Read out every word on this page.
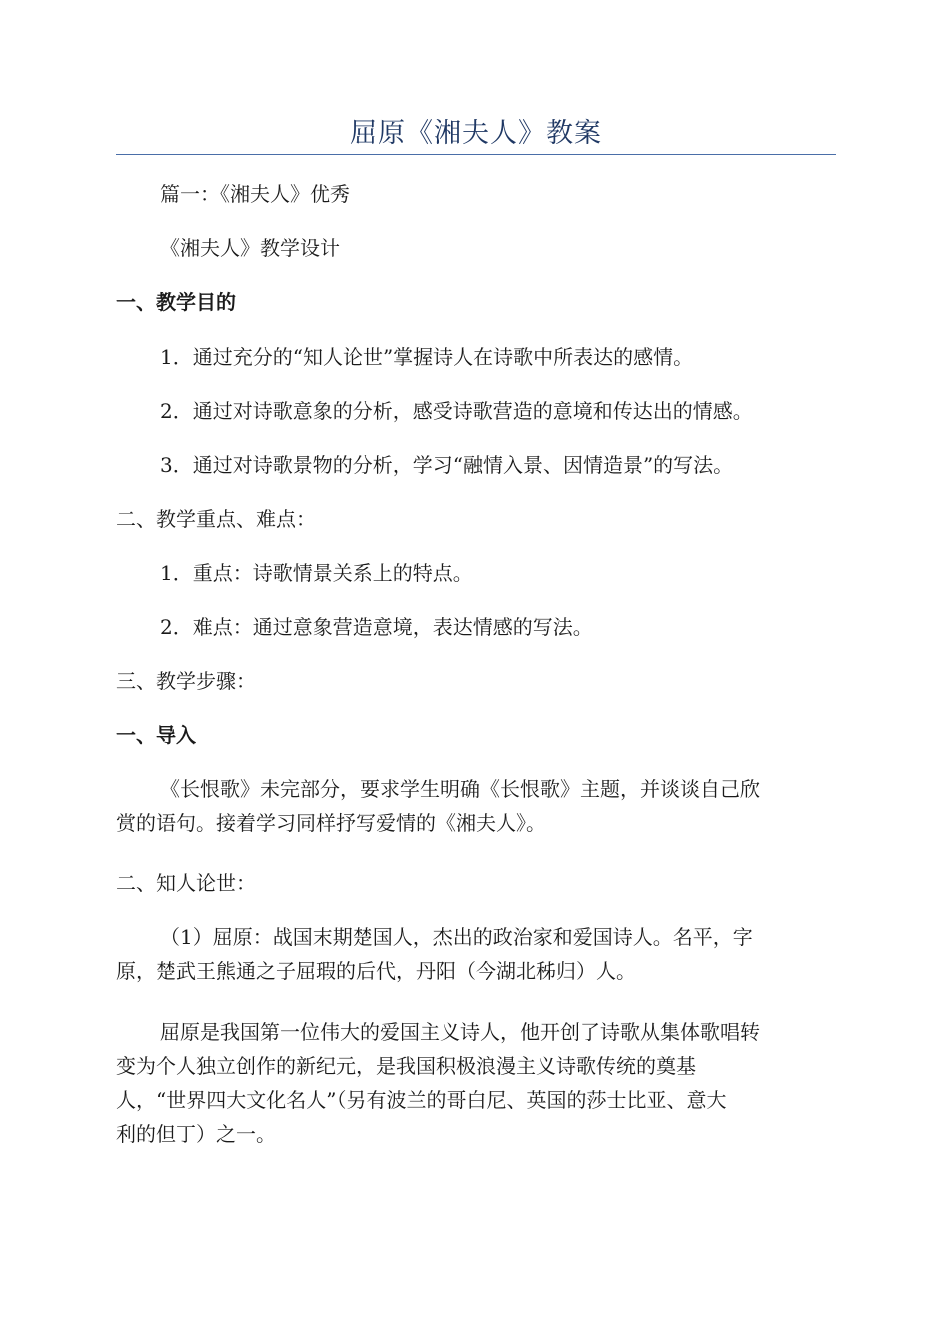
屈原《湘夫人》教案
篇一：《湘夫人》优秀
《湘夫人》教学设计
一、教学目的
1．通过充分的“知人论世”掌握诗人在诗歌中所表达的感情。
2．通过对诗歌意象的分析，感受诗歌营造的意境和传达出的情感。
3．通过对诗歌景物的分析，学习“融情入景、因情造景”的写法。
二、教学重点、难点：
1．重点：诗歌情景关系上的特点。
2．难点：通过意象营造意境，表达情感的写法。
三、教学步骤：
一、导入
《长恨歌》未完部分，要求学生明确《长恨歌》主题，并谈谈自己欣
赏的语句。接着学习同样抒写爱情的《湘夫人》。
二、知人论世：
（1）屈原：战国末期楚国人，杰出的政治家和爱国诗人。名平，字
原，楚武王熊通之子屈瑕的后代，丹阳（今湖北秭归）人。
屈原是我国第一位伟大的爱国主义诗人，他开创了诗歌从集体歌唱转
变为个人独立创作的新纪元，是我国积极浪漫主义诗歌传统的奠基
人，“世界四大文化名人”（另有波兰的哥白尼、英国的莎士比亚、意大
利的但丁）之一。
